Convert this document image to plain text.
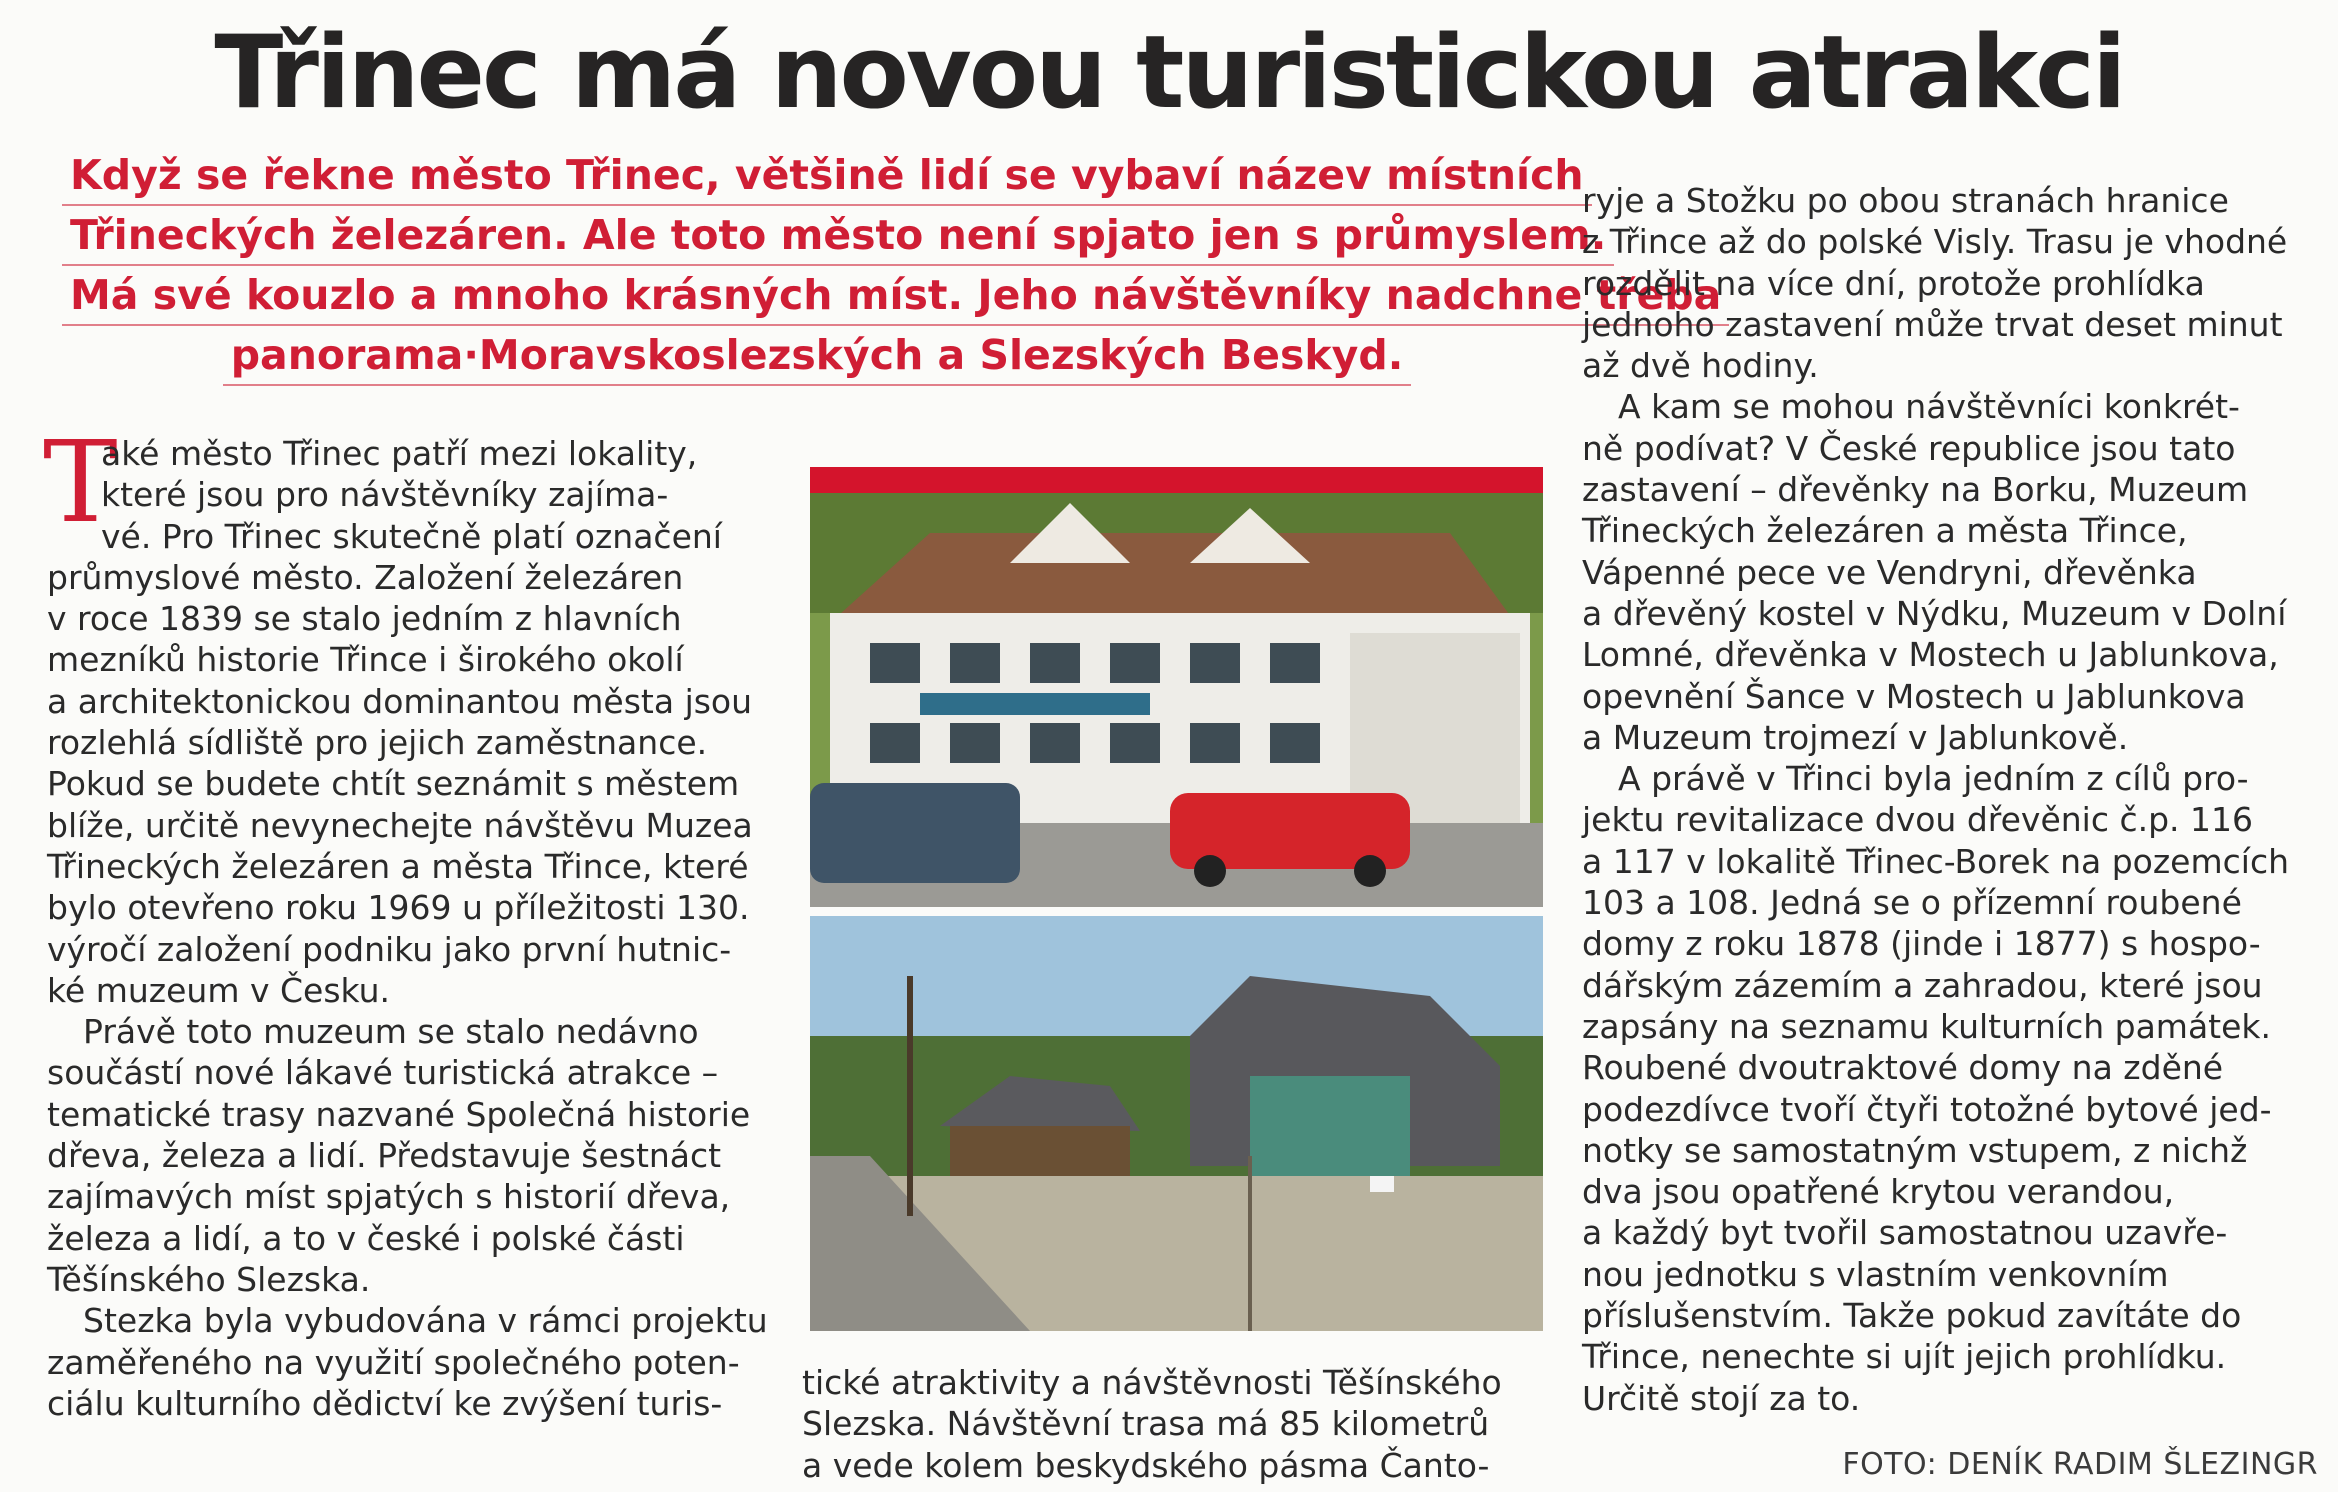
Třinec má novou turistickou atrakci
Když se řekne město Třinec, většině lidí se vybaví název místních
Třineckých železáren. Ale toto město není spjato jen s průmyslem.
Má své kouzlo a mnoho krásných míst. Jeho návštěvníky nadchne třeba
panorama·Moravskoslezských a Slezských Beskyd.
T
aké město Třinec patří mezi lokality,
které jsou pro návštěvníky zajíma-
vé. Pro Třinec skutečně platí označení
průmyslové město. Založení železáren
v roce 1839 se stalo jedním z hlavních
mezníků historie Třince i širokého okolí
a architektonickou dominantou města jsou
rozlehlá sídliště pro jejich zaměstnance.
Pokud se budete chtít seznámit s městem
blíže, určitě nevynechejte návštěvu Muzea
Třineckých železáren a města Třince, které
bylo otevřeno roku 1969 u příležitosti 130.
výročí založení podniku jako první hutnic-
ké muzeum v Česku.
Právě toto muzeum se stalo nedávno
součástí nové lákavé turistická atrakce –
tematické trasy nazvané Společná historie
dřeva, železa a lidí. Představuje šestnáct
zajímavých míst spjatých s historií dřeva,
železa a lidí, a to v české i polské části
Těšínského Slezska.
Stezka byla vybudována v rámci projektu
zaměřeného na využití společného poten-
ciálu kulturního dědictví ke zvýšení turis-
tické atraktivity a návštěvnosti Těšínského
Slezska. Návštěvní trasa má 85 kilometrů
a vede kolem beskydského pásma Čanto-
ryje a Stožku po obou stranách hranice
z Třince až do polské Visly. Trasu je vhodné
rozdělit na více dní, protože prohlídka
jednoho zastavení může trvat deset minut
až dvě hodiny.
A kam se mohou návštěvníci konkrét-
ně podívat? V České republice jsou tato
zastavení – dřevěnky na Borku, Muzeum
Třineckých železáren a města Třince,
Vápenné pece ve Vendryni, dřevěnka
a dřevěný kostel v Nýdku, Muzeum v Dolní
Lomné, dřevěnka v Mostech u Jablunkova,
opevnění Šance v Mostech u Jablunkova
a Muzeum trojmezí v Jablunkově.
A právě v Třinci byla jedním z cílů pro-
jektu revitalizace dvou dřevěnic č.p. 116
a 117 v lokalitě Třinec-Borek na pozemcích
103 a 108. Jedná se o přízemní roubené
domy z roku 1878 (jinde i 1877) s hospo-
dářským zázemím a zahradou, které jsou
zapsány na seznamu kulturních památek.
Roubené dvoutraktové domy na zděné
podezdívce tvoří čtyři totožné bytové jed-
notky se samostatným vstupem, z nichž
dva jsou opatřené krytou verandou,
a každý byt tvořil samostatnou uzavře-
nou jednotku s vlastním venkovním
příslušenstvím. Takže pokud zavítáte do
Třince, nenechte si ujít jejich prohlídku.
Určitě stojí za to.
FOTO: DENÍK RADIM ŠLEZINGR
